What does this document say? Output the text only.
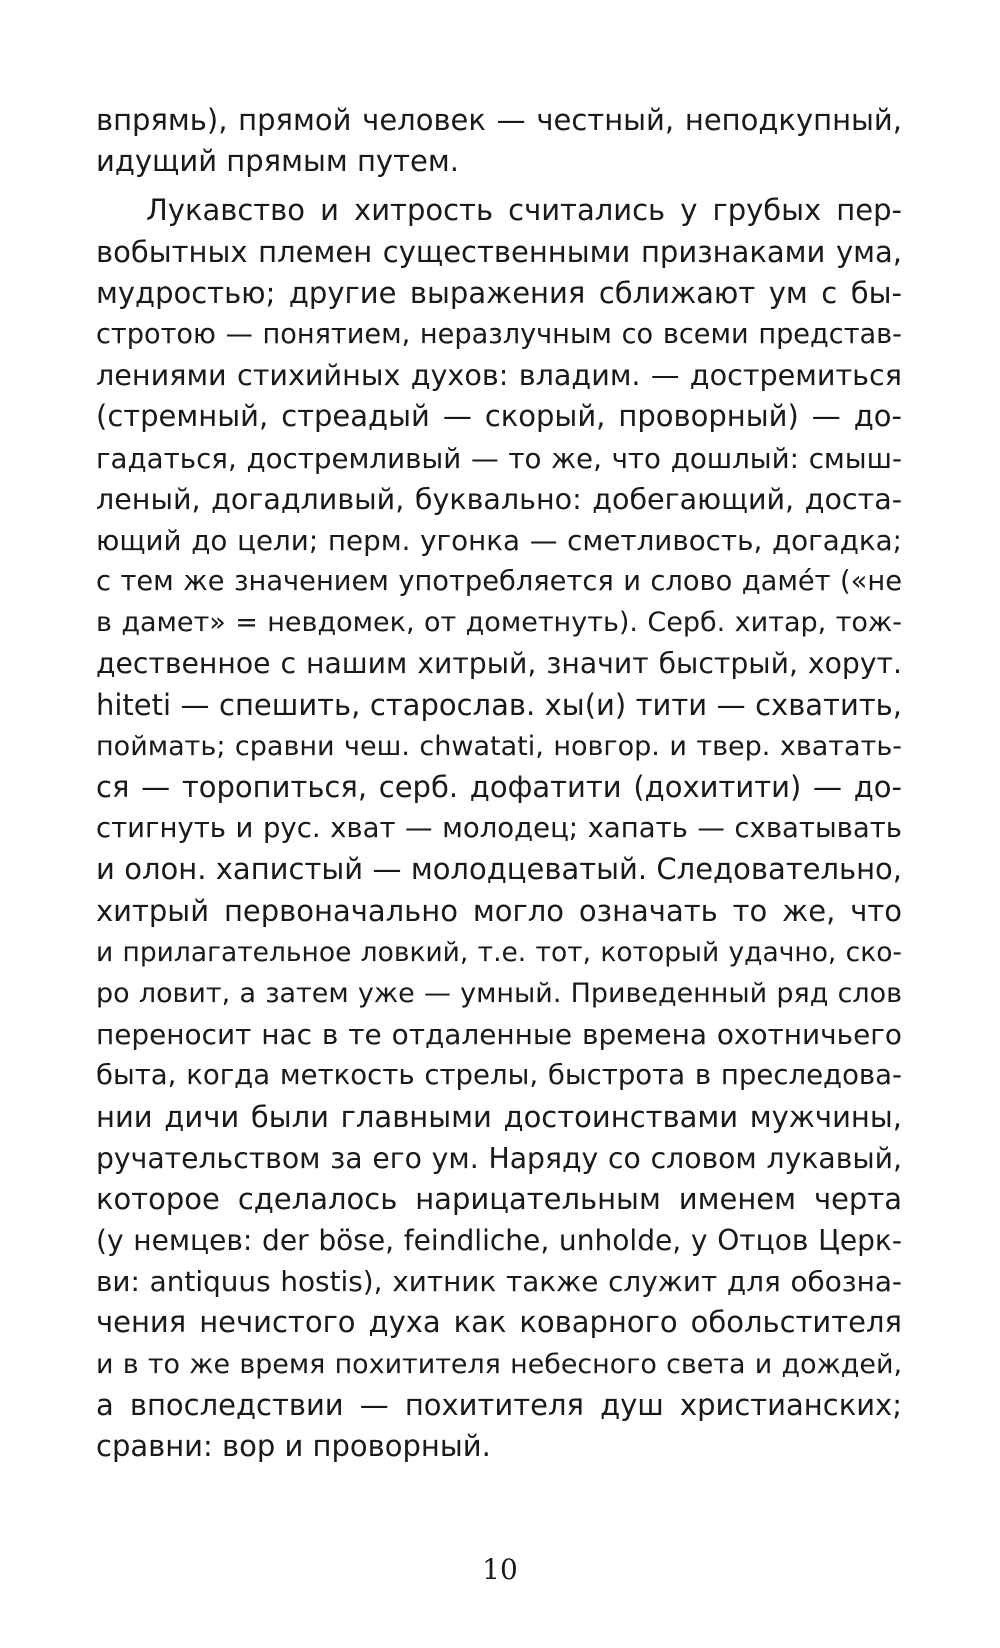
впрямь), прямой человек — честный, неподкупный,
идущий прямым путем.
Лукавство и хитрость считались у грубых пер-
вобытных племен существенными признаками ума,
мудростью; другие выражения сближают ум с бы-
стротою — понятием, неразлучным со всеми представ-
лениями стихийных духов: владим. — достремиться
(стремный, стреадый — скорый, проворный) — до-
гадаться, достремливый — то же, что дошлый: смыш-
леный, догадливый, буквально: добегающий, доста-
ющий до цели; перм. угонка — сметливость, догадка;
с тем же значением употребляется и слово даме́т («не
в дамет» = невдомек, от дометнуть). Серб. хитар, тож-
дественное с нашим хитрый, значит быстрый, хорут.
hiteti — спешить, старослав. хы(и) тити — схватить,
поймать; сравни чеш. chwatati, новгор. и твер. хватать-
ся — торопиться, серб. дофатити (дохитити) — до-
стигнуть и рус. хват — молодец; хапать — схватывать
и олон. хапистый — молодцеватый. Следовательно,
хитрый первоначально могло означать то же, что
и прилагательное ловкий, т.е. тот, который удачно, ско-
ро ловит, а затем уже — умный. Приведенный ряд слов
переносит нас в те отдаленные времена охотничьего
быта, когда меткость стрелы, быстрота в преследова-
нии дичи были главными достоинствами мужчины,
ручательством за его ум. Наряду со словом лукавый,
которое сделалось нарицательным именем черта
(у немцев: der böse, feindliche, unholde, у Отцов Церк-
ви: antiquus hostis), хитник также служит для обозна-
чения нечистого духа как коварного обольстителя
и в то же время похитителя небесного света и дождей,
а впоследствии — похитителя душ христианских;
сравни: вор и проворный.
10
